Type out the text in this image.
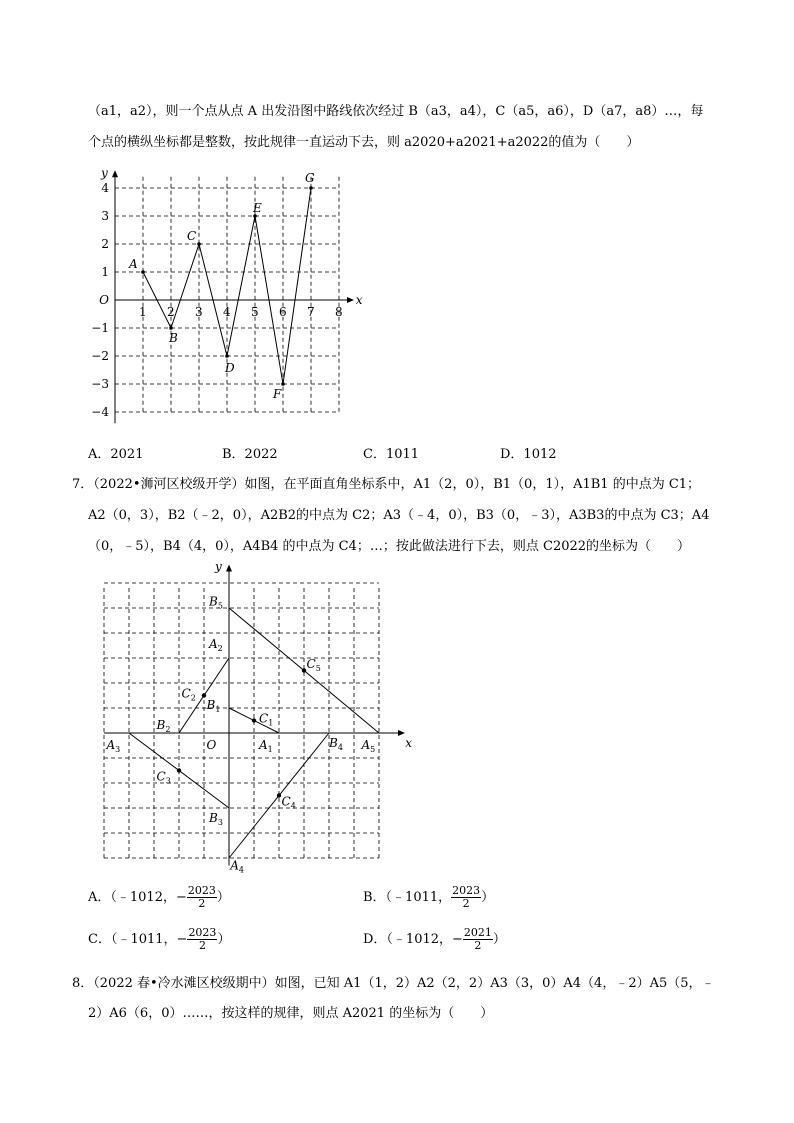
（a1，a2），则一个点从点 A 出发沿图中路线依次经过 B（a3，a4），C（a5，a6），D（a7，a8）…，每
个点的横纵坐标都是整数，按此规律一直运动下去，则 a2020+a2021+a2022的值为（　　）
1 2 3 4 5 6 7 8
4
3
2
1
−1
−2
−3
−4
O	x
y
A
B
C
D
E
F
G
A．2021	B．2022	C．1011	D．1012
7．（2022•浉河区校级开学）如图，在平面直角坐标系中，A1（2，0），B1（0，1），A1B1 的中点为 C1；
A2（0，3），B2（﹣2，0），A2B2的中点为 C2；A3（﹣4，0），B3（0，﹣3），A3B3的中点为 C3；A4
（0，﹣5），B4（4，0），A4B4 的中点为 C4；…；按此做法进行下去，则点 C2022的坐标为（　　）
x
y
O	$A_1$
$B_1$
$C_1$
$A_2$
$B_2$
$C_2$
$A_3$
$B_3$
$C_3$
$A_4$
$B_4$
$C_4$
$A_5$
$B_5$
$C_5$
A．（﹣1012，− $\frac{2023}{2}$ ）	B．（﹣1011， $\frac{2023}{2}$ ）
C．（﹣1011，− $\frac{2023}{2}$ ）	D．（﹣1012，− $\frac{2021}{2}$ ）
8．（2022 春•冷水滩区校级期中）如图，已知 A1（1，2）A2（2，2）A3（3，0）A4（4，﹣2）A5（5，﹣
2）A6（6，0）……，按这样的规律，则点 A2021 的坐标为（　　）
